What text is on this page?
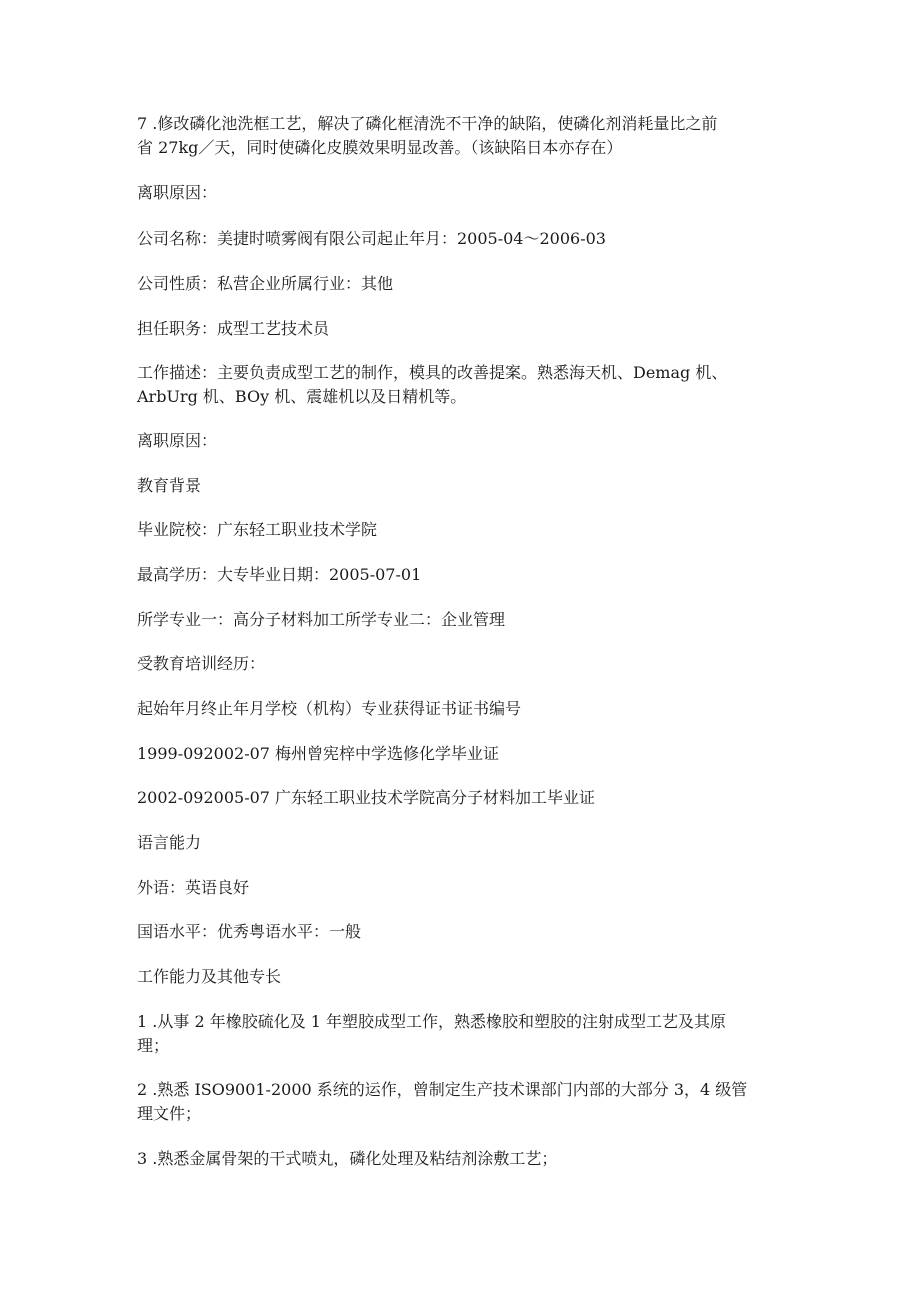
7 .修改磷化池洗框工艺，解决了磷化框清洗不干净的缺陷，使磷化剂消耗量比之前
省 27kg／天，同时使磷化皮膜效果明显改善。（该缺陷日本亦存在）
离职原因：
公司名称：美捷时喷雾阀有限公司起止年月：2005-04～2006-03
公司性质：私营企业所属行业：其他
担任职务：成型工艺技术员
工作描述：主要负责成型工艺的制作，模具的改善提案。熟悉海天机、Demag 机、
ArbUrg 机、BOy 机、震雄机以及日精机等。
离职原因：
教育背景
毕业院校：广东轻工职业技术学院
最高学历：大专毕业日期：2005-07-01
所学专业一：高分子材料加工所学专业二：企业管理
受教育培训经历：
起始年月终止年月学校（机构）专业获得证书证书编号
1999-092002-07 梅州曾宪梓中学选修化学毕业证
2002-092005-07 广东轻工职业技术学院高分子材料加工毕业证
语言能力
外语：英语良好
国语水平：优秀粤语水平：一般
工作能力及其他专长
1 .从事 2 年橡胶硫化及 1 年塑胶成型工作，熟悉橡胶和塑胶的注射成型工艺及其原
理；
2 .熟悉 ISO9001-2000 系统的运作，曾制定生产技术课部门内部的大部分 3，4 级管
理文件；
3 .熟悉金属骨架的干式喷丸，磷化处理及粘结剂涂敷工艺；
